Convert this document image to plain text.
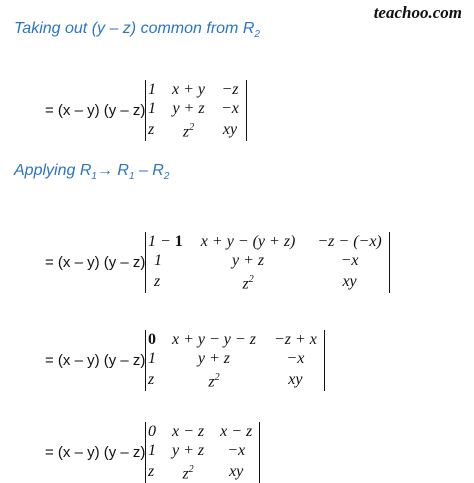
teachoo.com
Taking out (y – z) common from $R_2$
= (x – y) (y – z)
1	x + y	−z
1	y + z	−x
z	$z^2$	xy
Applying $R_1\to R_1 - R_2$
= (x – y) (y – z)
1 − 1	x + y − (y + z)	−z − (−x)
1	y + z	−x
z	$z^2$	xy
= (x – y) (y – z)
0	x + y − y − z	−z + x
1	y + z	−x
z	$z^2$	xy
= (x – y) (y – z)
0	x − z	x − z
1	y + z	−x
z	$z^2$	xy
